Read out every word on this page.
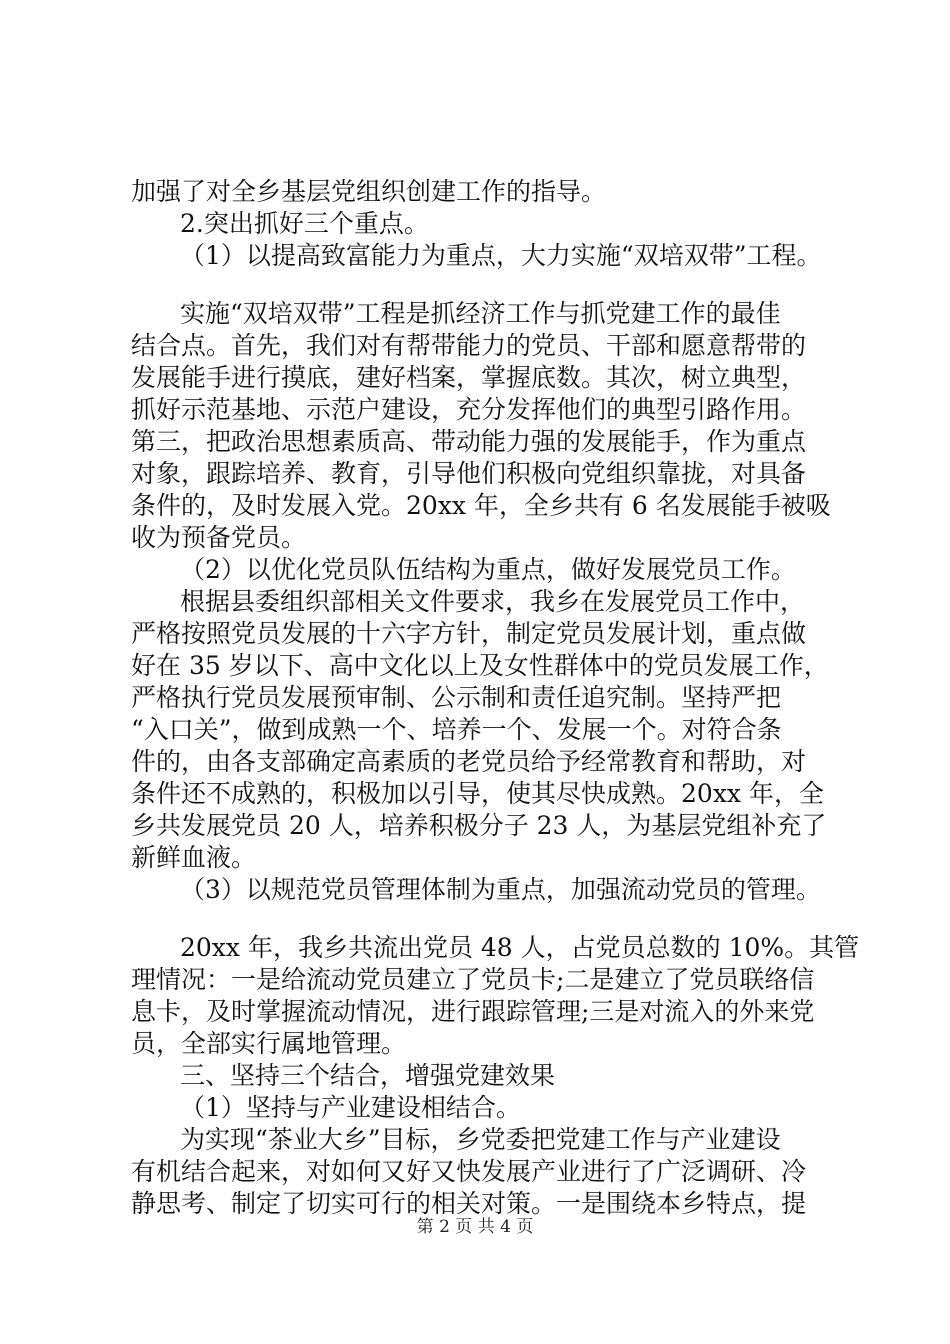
加强了对全乡基层党组织创建工作的指导。
2.突出抓好三个重点。
（1）以提高致富能力为重点，大力实施“双培双带”工程。
实施“双培双带”工程是抓经济工作与抓党建工作的最佳
结合点。首先，我们对有帮带能力的党员、干部和愿意帮带的
发展能手进行摸底，建好档案，掌握底数。其次，树立典型，
抓好示范基地、示范户建设，充分发挥他们的典型引路作用。
第三，把政治思想素质高、带动能力强的发展能手，作为重点
对象，跟踪培养、教育，引导他们积极向党组织靠拢，对具备
条件的，及时发展入党。20xx 年，全乡共有 6 名发展能手被吸
收为预备党员。
（2）以优化党员队伍结构为重点，做好发展党员工作。
根据县委组织部相关文件要求，我乡在发展党员工作中，
严格按照党员发展的十六字方针，制定党员发展计划，重点做
好在 35 岁以下、高中文化以上及女性群体中的党员发展工作，
严格执行党员发展预审制、公示制和责任追究制。坚持严把
“入口关”，做到成熟一个、培养一个、发展一个。对符合条
件的，由各支部确定高素质的老党员给予经常教育和帮助，对
条件还不成熟的，积极加以引导，使其尽快成熟。20xx 年，全
乡共发展党员 20 人，培养积极分子 23 人，为基层党组补充了
新鲜血液。
（3）以规范党员管理体制为重点，加强流动党员的管理。
20xx 年，我乡共流出党员 48 人，占党员总数的 10%。其管
理情况：一是给流动党员建立了党员卡;二是建立了党员联络信
息卡，及时掌握流动情况，进行跟踪管理;三是对流入的外来党
员，全部实行属地管理。
三、坚持三个结合，增强党建效果
（1）坚持与产业建设相结合。
为实现“茶业大乡”目标，乡党委把党建工作与产业建设
有机结合起来，对如何又好又快发展产业进行了广泛调研、冷
静思考、制定了切实可行的相关对策。一是围绕本乡特点，提
第 2 页 共 4 页
